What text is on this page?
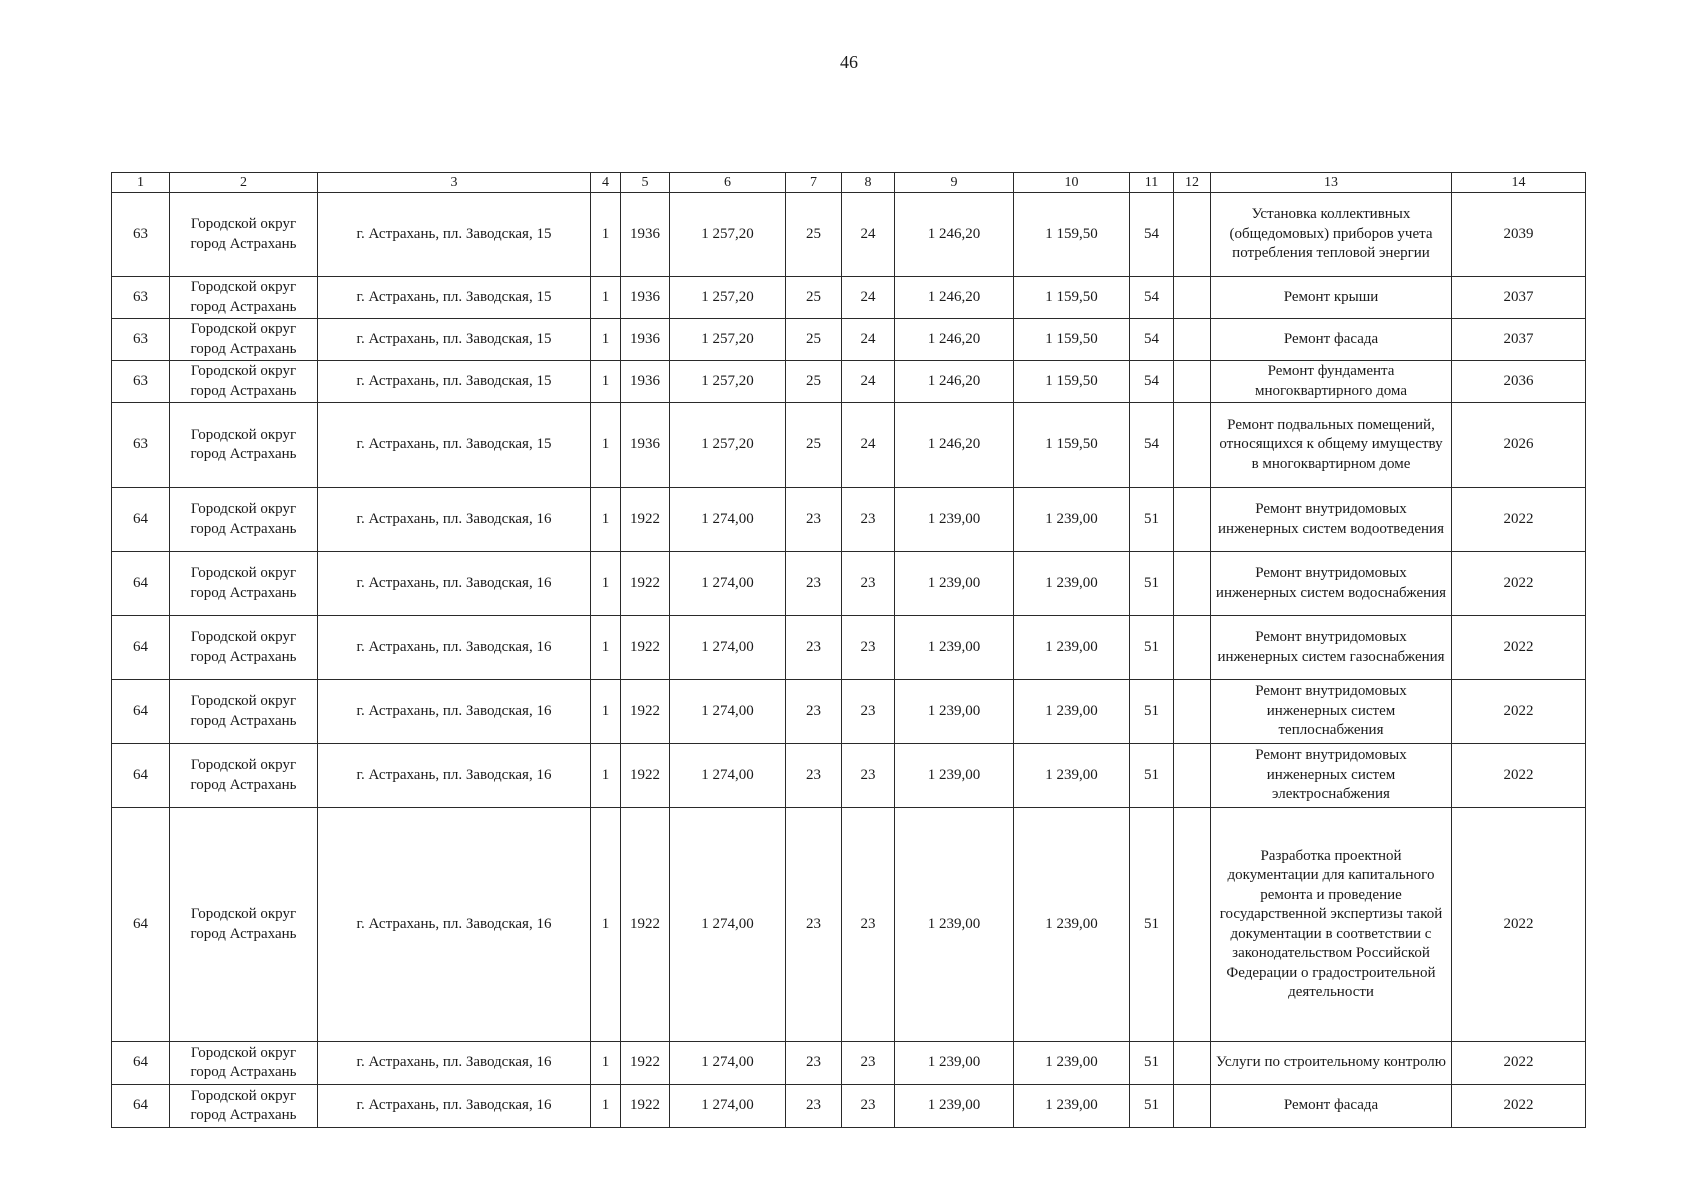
46
1	2	3	4	5	6	7	8	9	10	11	12	13	14
63	Городской округ город Астрахань	г. Астрахань, пл. Заводская, 15	1	1936	1 257,20	25	24	1 246,20	1 159,50	54		Установка коллективных (общедомовых) приборов учета потребления тепловой энергии	2039
63	Городской округ город Астрахань	г. Астрахань, пл. Заводская, 15	1	1936	1 257,20	25	24	1 246,20	1 159,50	54		Ремонт крыши	2037
63	Городской округ город Астрахань	г. Астрахань, пл. Заводская, 15	1	1936	1 257,20	25	24	1 246,20	1 159,50	54		Ремонт фасада	2037
63	Городской округ город Астрахань	г. Астрахань, пл. Заводская, 15	1	1936	1 257,20	25	24	1 246,20	1 159,50	54		Ремонт фундамента многоквартирного дома	2036
63	Городской округ город Астрахань	г. Астрахань, пл. Заводская, 15	1	1936	1 257,20	25	24	1 246,20	1 159,50	54		Ремонт подвальных помещений, относящихся к общему имуществу в многоквартирном доме	2026
64	Городской округ город Астрахань	г. Астрахань, пл. Заводская, 16	1	1922	1 274,00	23	23	1 239,00	1 239,00	51		Ремонт внутридомовых инженерных систем водоотведения	2022
64	Городской округ город Астрахань	г. Астрахань, пл. Заводская, 16	1	1922	1 274,00	23	23	1 239,00	1 239,00	51		Ремонт внутридомовых инженерных систем водоснабжения	2022
64	Городской округ город Астрахань	г. Астрахань, пл. Заводская, 16	1	1922	1 274,00	23	23	1 239,00	1 239,00	51		Ремонт внутридомовых инженерных систем газоснабжения	2022
64	Городской округ город Астрахань	г. Астрахань, пл. Заводская, 16	1	1922	1 274,00	23	23	1 239,00	1 239,00	51		Ремонт внутридомовых инженерных систем теплоснабжения	2022
64	Городской округ город Астрахань	г. Астрахань, пл. Заводская, 16	1	1922	1 274,00	23	23	1 239,00	1 239,00	51		Ремонт внутридомовых инженерных систем электроснабжения	2022
64	Городской округ город Астрахань	г. Астрахань, пл. Заводская, 16	1	1922	1 274,00	23	23	1 239,00	1 239,00	51		Разработка проектной документации для капитального ремонта и проведение государственной экспертизы такой документации в соответствии с законодательством Российской Федерации о градостроительной деятельности	2022
64	Городской округ город Астрахань	г. Астрахань, пл. Заводская, 16	1	1922	1 274,00	23	23	1 239,00	1 239,00	51		Услуги по строительному контролю	2022
64	Городской округ город Астрахань	г. Астрахань, пл. Заводская, 16	1	1922	1 274,00	23	23	1 239,00	1 239,00	51		Ремонт фасада	2022
